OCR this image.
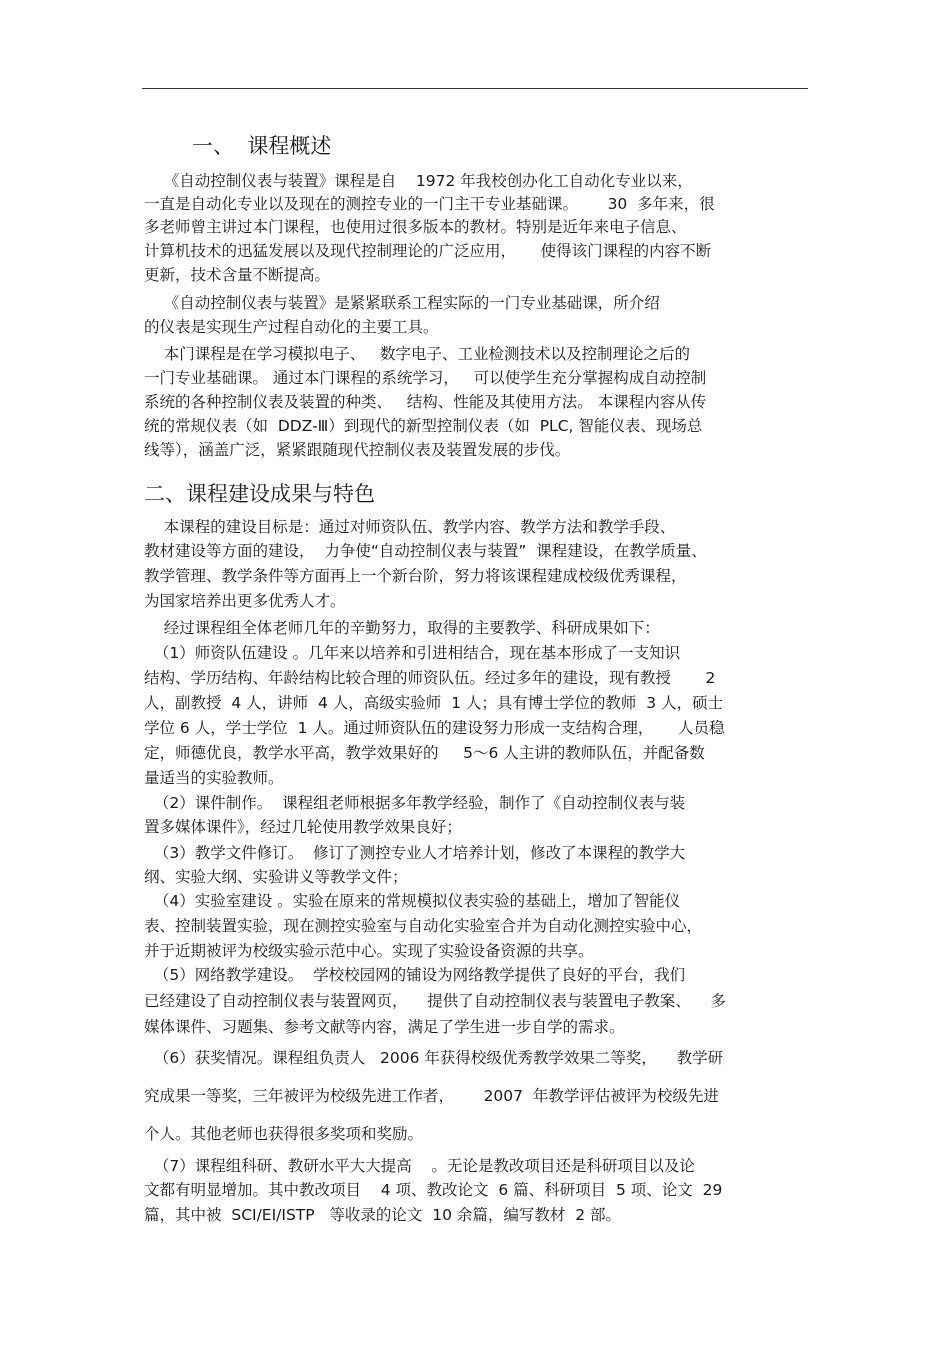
一、  课程概述
《自动控制仪表与装置》课程是自    1972 年我校创办化工自动化专业以来，
一直是自动化专业以及现在的测控专业的一门主干专业基础课。      30  多年来，很
多老师曾主讲过本门课程，也使用过很多版本的教材。特别是近年来电子信息、
计算机技术的迅猛发展以及现代控制理论的广泛应用，     使得该门课程的内容不断
更新，技术含量不断提高。
《自动控制仪表与装置》是紧紧联系工程实际的一门专业基础课，所介绍
的仪表是实现生产过程自动化的主要工具。
本门课程是在学习模拟电子、   数字电子、工业检测技术以及控制理论之后的
一门专业基础课。 通过本门课程的系统学习，   可以使学生充分掌握构成自动控制
系统的各种控制仪表及装置的种类、   结构、性能及其使用方法。 本课程内容从传
统的常规仪表（如  DDZ-Ⅲ）到现代的新型控制仪表（如  PLC, 智能仪表、现场总
线等），涵盖广泛，紧紧跟随现代控制仪表及装置发展的步伐。
二、课程建设成果与特色
本课程的建设目标是：通过对师资队伍、教学内容、教学方法和教学手段、
教材建设等方面的建设，  力争使“自动控制仪表与装置”  课程建设，在教学质量、
教学管理、教学条件等方面再上一个新台阶，努力将该课程建成校级优秀课程，
为国家培养出更多优秀人才。
经过课程组全体老师几年的辛勤努力，取得的主要教学、科研成果如下：
（1）师资队伍建设 。几年来以培养和引进相结合，现在基本形成了一支知识
结构、学历结构、年龄结构比较合理的师资队伍。经过多年的建设，现有教授       2
人，副教授  4 人，讲师  4 人，高级实验师  1 人；具有博士学位的教师  3 人，硕士
学位 6 人，学士学位  1 人。通过师资队伍的建设努力形成一支结构合理，     人员稳
定，师德优良，教学水平高，教学效果好的     5～6 人主讲的教师队伍，并配备数
量适当的实验教师。
（2）课件制作。  课程组老师根据多年教学经验，制作了《自动控制仪表与装
置多媒体课件》，经过几轮使用教学效果良好；
（3）教学文件修订。  修订了测控专业人才培养计划，修改了本课程的教学大
纲、实验大纲、实验讲义等教学文件；
（4）实验室建设 。实验在原来的常规模拟仪表实验的基础上，增加了智能仪
表、控制装置实验，现在测控实验室与自动化实验室合并为自动化测控实验中心，
并于近期被评为校级实验示范中心。实现了实验设备资源的共享。
（5）网络教学建设。  学校校园网的铺设为网络教学提供了良好的平台，我们
已经建设了自动控制仪表与装置网页，    提供了自动控制仪表与装置电子教案、    多
媒体课件、习题集、参考文献等内容，满足了学生进一步自学的需求。
（6）获奖情况。课程组负责人   2006 年获得校级优秀教学效果二等奖，    教学研
究成果一等奖，三年被评为校级先进工作者，      2007  年教学评估被评为校级先进
个人。其他老师也获得很多奖项和奖励。
（7）课程组科研、教研水平大大提高    。无论是教改项目还是科研项目以及论
文都有明显增加。其中教改项目    4 项、教改论文  6 篇、科研项目  5 项、论文  29
篇，其中被  SCI/EI/ISTP   等收录的论文  10 余篇，编写教材  2 部。
